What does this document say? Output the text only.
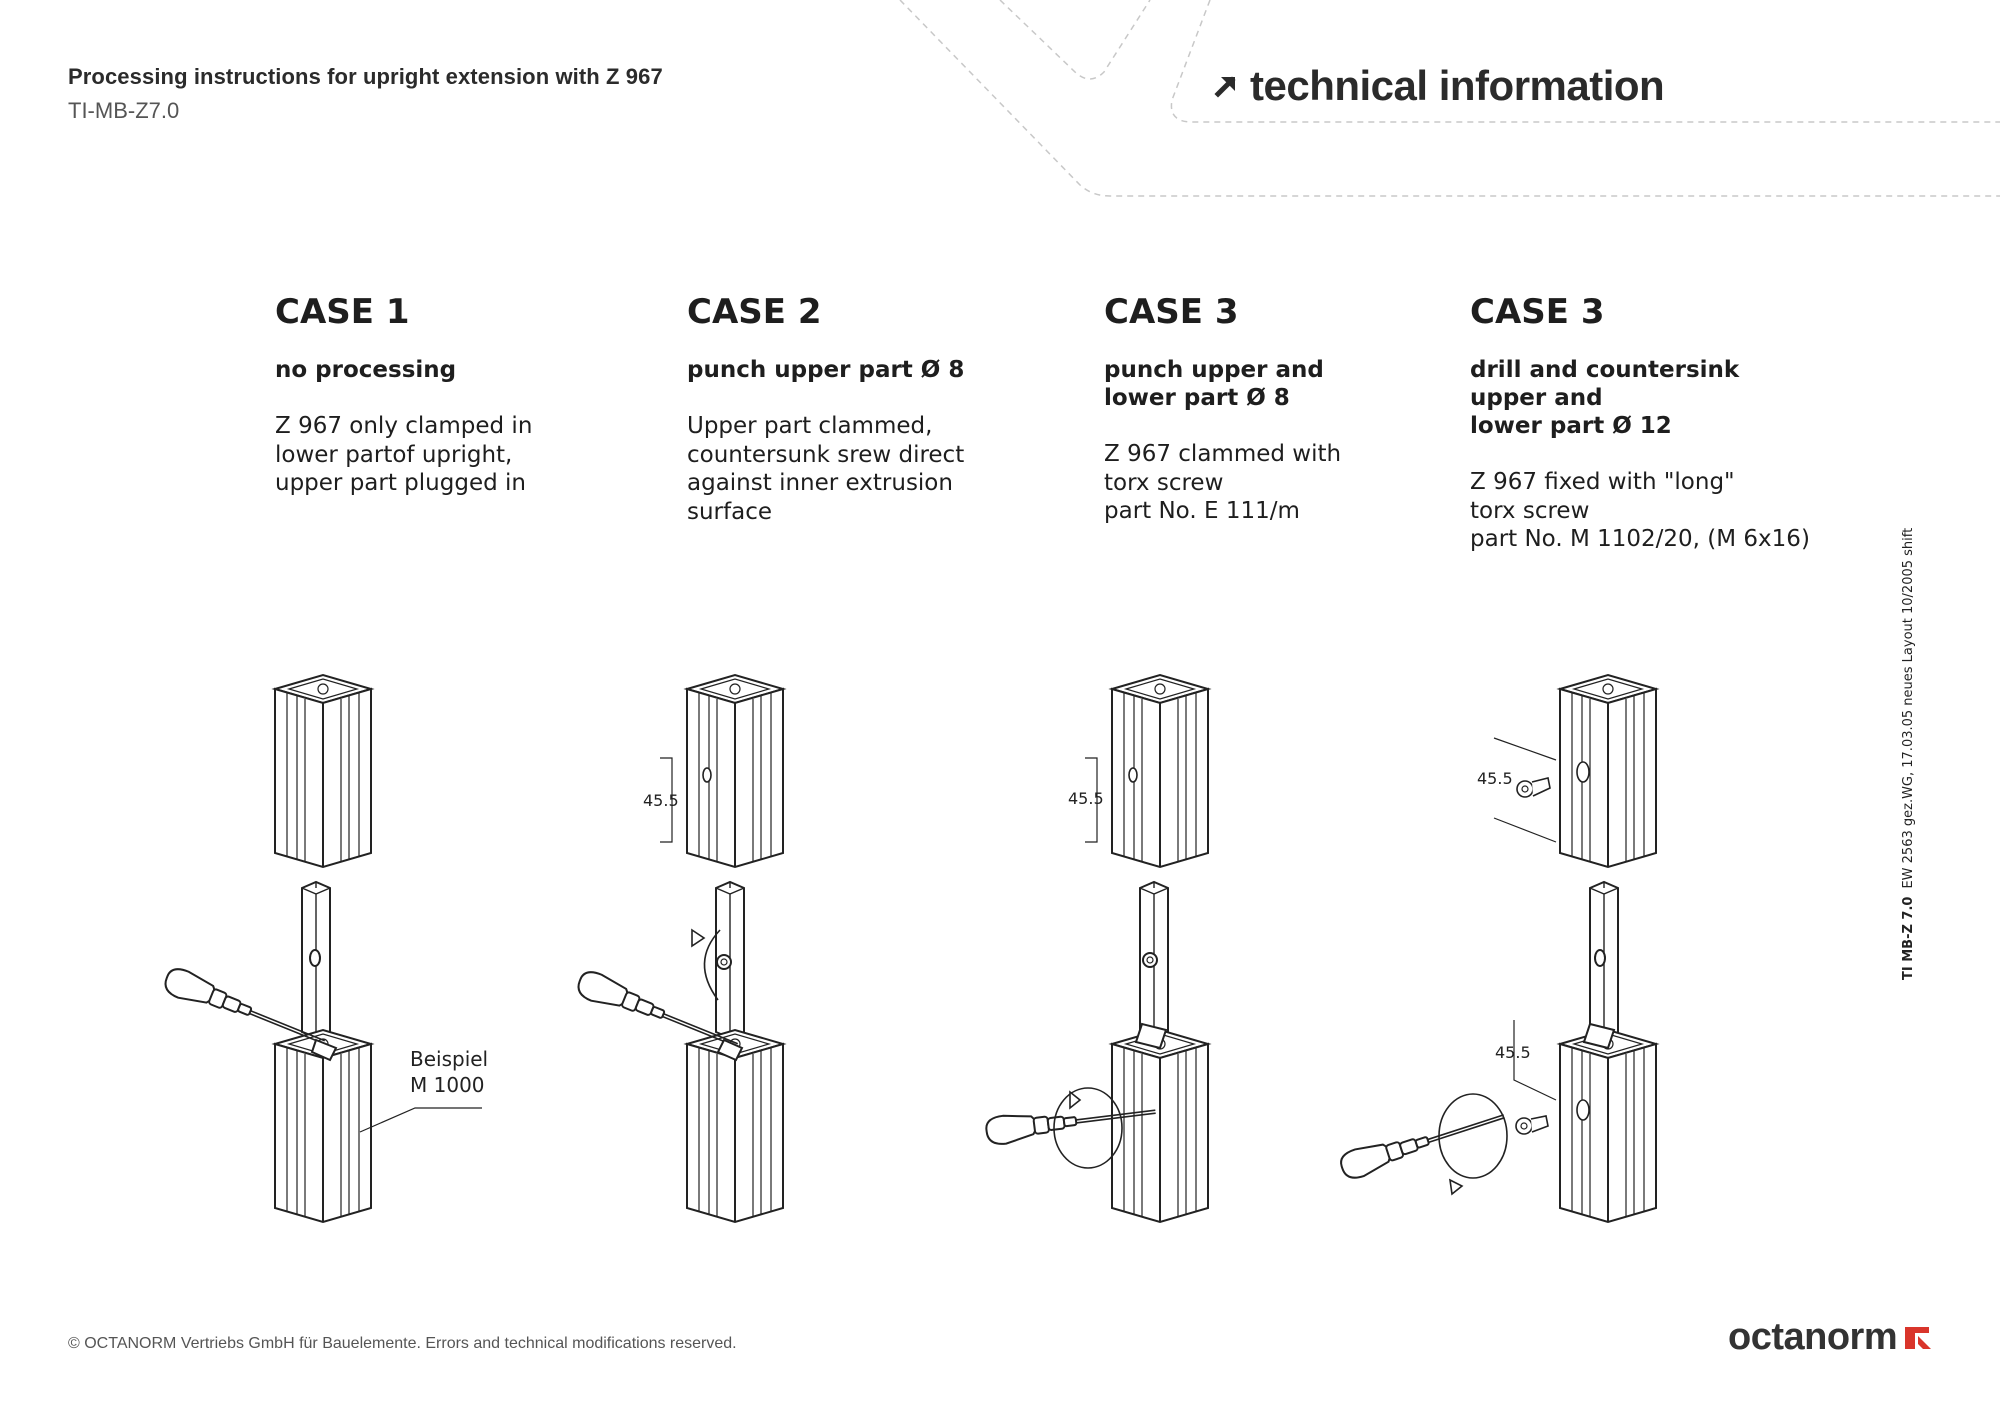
Processing instructions for upright extension with Z 967
TI-MB-Z7.0
technical information
CASE 1

no processing

Z 967 only clamped in
lower partof upright,
upper part plugged in

CASE 2

punch upper part Ø 8

Upper part clammed,
countersunk srew direct
against inner extrusion
surface

CASE 3

punch upper and
lower part Ø 8

Z 967 clammed with
torx screw
part No. E 111/m

CASE 3

drill and countersink
upper and
lower part Ø 12

Z 967 fixed with "long"
torx screw
part No. M 1102/20, (M 6x16)

Beispiel
M 1000
45.5	45.5
45.5
45.5
TI MB-Z 7.0EW 2563 gez.WG, 17.03.05 neues Layout 10/2005 shift
© OCTANORM Vertriebs GmbH für Bauelemente. Errors and technical modifications reserved.	octanorm
